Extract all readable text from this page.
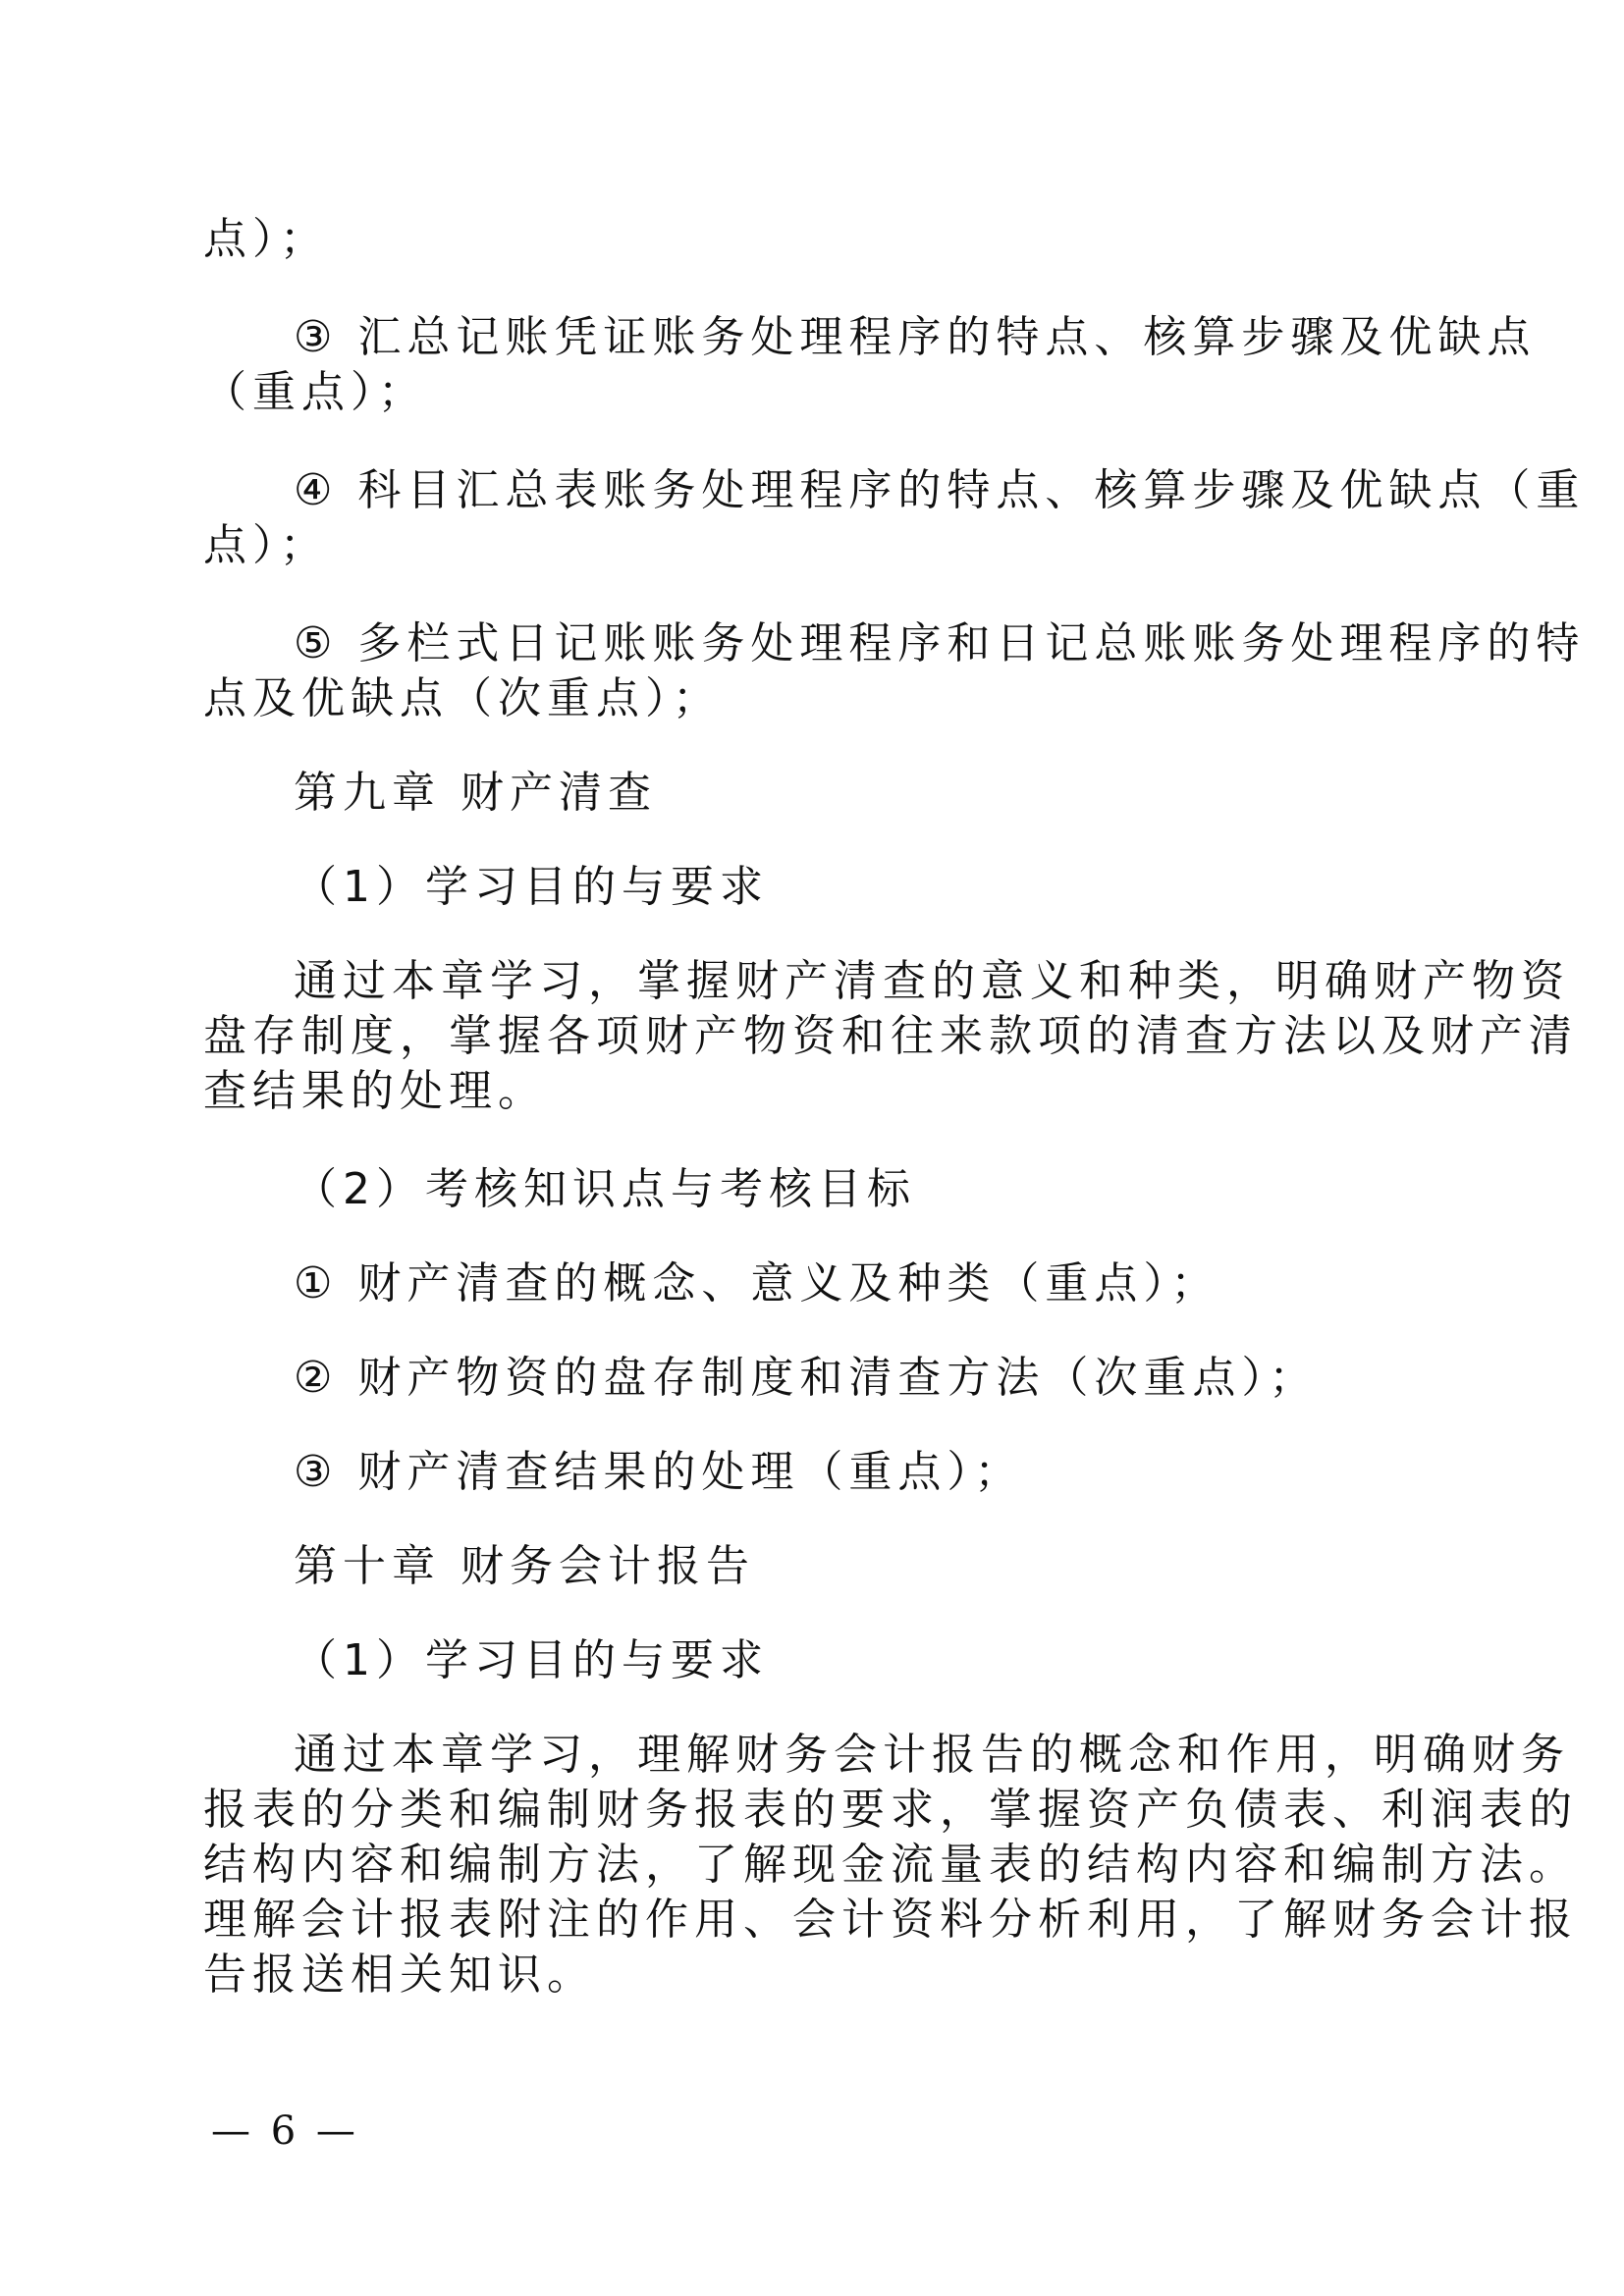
点）；

③ 汇总记账凭证账务处理程序的特点、核算步骤及优缺点

（重点）；

④ 科目汇总表账务处理程序的特点、核算步骤及优缺点（重

点）；

⑤ 多栏式日记账账务处理程序和日记总账账务处理程序的特

点及优缺点（次重点）；

第九章 财产清查

（1）学习目的与要求

通过本章学习，掌握财产清查的意义和种类，明确财产物资

盘存制度，掌握各项财产物资和往来款项的清查方法以及财产清

查结果的处理。

（2）考核知识点与考核目标

① 财产清查的概念、意义及种类（重点）；

② 财产物资的盘存制度和清查方法（次重点）；

③ 财产清查结果的处理（重点）；

第十章 财务会计报告

（1）学习目的与要求

通过本章学习，理解财务会计报告的概念和作用，明确财务

报表的分类和编制财务报表的要求，掌握资产负债表、利润表的

结构内容和编制方法，了解现金流量表的结构内容和编制方法。

理解会计报表附注的作用、会计资料分析利用，了解财务会计报

告报送相关知识。

— 6 —
